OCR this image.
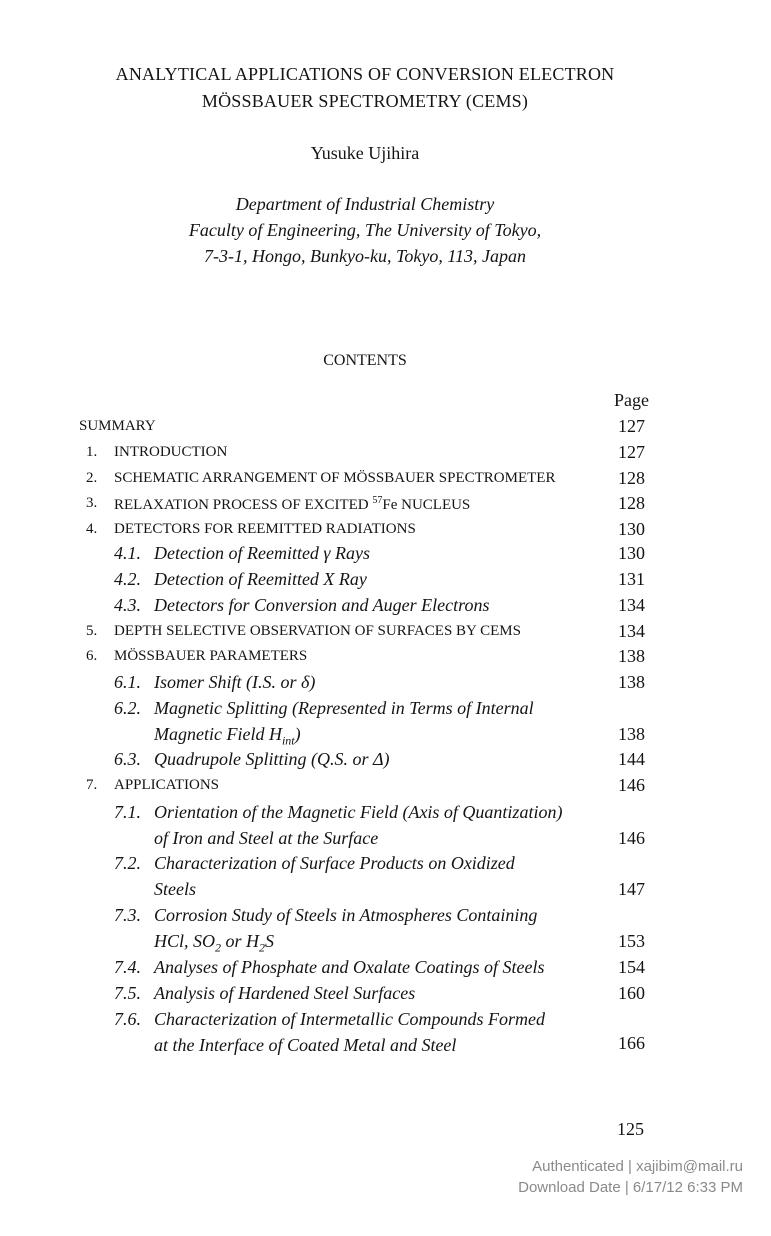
ANALYTICAL APPLICATIONS OF CONVERSION ELECTRON
MÖSSBAUER SPECTROMETRY (CEMS)
Yusuke Ujihira
Department of Industrial Chemistry
Faculty of Engineering, The University of Tokyo,
7-3-1, Hongo, Bunkyo-ku, Tokyo, 113, Japan
CONTENTS
Page
SUMMARY	127
1.	INTRODUCTION	127
2.	SCHEMATIC ARRANGEMENT OF MÖSSBAUER SPECTROMETER	128
3.	RELAXATION PROCESS OF EXCITED $^{57}$Fe NUCLEUS	128
4.	DETECTORS FOR REEMITTED RADIATIONS	130
4.1. Detection of Reemitted γ Rays	130
4.2. Detection of Reemitted X Ray	131
4.3. Detectors for Conversion and Auger Electrons	134
5.	DEPTH SELECTIVE OBSERVATION OF SURFACES BY CEMS	134
6.	MÖSSBAUER PARAMETERS	138
6.1. Isomer Shift (I.S. or δ)	138
6.2. Magnetic Splitting (Represented in Terms of Internal
Magnetic Field $H_{int}$)	138
6.3. Quadrupole Splitting (Q.S. or Δ)	144
7.	APPLICATIONS	146
7.1. Orientation of the Magnetic Field (Axis of Quantization)
of Iron and Steel at the Surface	146
7.2. Characterization of Surface Products on Oxidized
Steels	147
7.3. Corrosion Study of Steels in Atmospheres Containing
HCl, $SO_2$ or $H_2S$	153
7.4. Analyses of Phosphate and Oxalate Coatings of Steels	154
7.5. Analysis of Hardened Steel Surfaces	160
7.6. Characterization of Intermetallic Compounds Formed
at the Interface of Coated Metal and Steel	166
125
Authenticated | xajibim@mail.ru
Download Date | 6/17/12 6:33 PM
